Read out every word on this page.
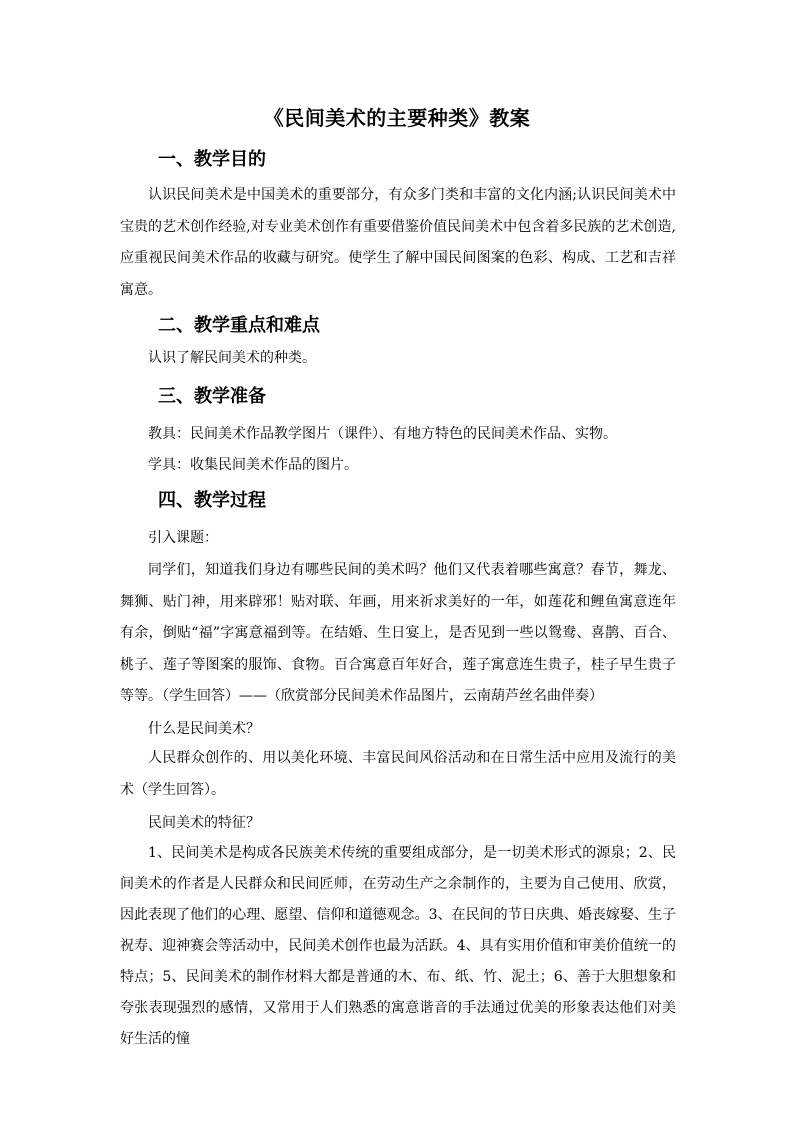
《民间美术的主要种类》教案
一、教学目的
认识民间美术是中国美术的重要部分，有众多门类和丰富的文化内涵;认识民间美术中宝贵的艺术创作经验,对专业美术创作有重要借鉴价值民间美术中包含着多民族的艺术创造,应重视民间美术作品的收藏与研究。使学生了解中国民间图案的色彩、构成、工艺和吉祥寓意。
二、教学重点和难点
认识了解民间美术的种类。
三、教学准备
教具：民间美术作品教学图片（课件）、有地方特色的民间美术作品、实物。
学具：收集民间美术作品的图片。
四、教学过程
引入课题：
同学们，知道我们身边有哪些民间的美术吗？他们又代表着哪些寓意？春节，舞龙、舞狮、贴门神，用来辟邪！贴对联、年画，用来祈求美好的一年，如莲花和鲤鱼寓意连年有余，倒贴“福”字寓意福到等。在结婚、生日宴上，是否见到一些以鸳鸯、喜鹊、百合、桃子、莲子等图案的服饰、食物。百合寓意百年好合，莲子寓意连生贵子，桂子早生贵子等等。（学生回答）——（欣赏部分民间美术作品图片，云南葫芦丝名曲伴奏）
什么是民间美术？
人民群众创作的、用以美化环境、丰富民间风俗活动和在日常生活中应用及流行的美术（学生回答）。
民间美术的特征？
1、民间美术是构成各民族美术传统的重要组成部分，是一切美术形式的源泉；2、民间美术的作者是人民群众和民间匠师，在劳动生产之余制作的，主要为自己使用、欣赏，因此表现了他们的心理、愿望、信仰和道德观念。3、在民间的节日庆典、婚丧嫁娶、生子祝寿、迎神赛会等活动中，民间美术创作也最为活跃。4、具有实用价值和审美价值统一的特点；5、民间美术的制作材料大都是普通的木、布、纸、竹、泥土；6、善于大胆想象和夸张表现强烈的感情，又常用于人们熟悉的寓意谐音的手法通过优美的形象表达他们对美好生活的憧
